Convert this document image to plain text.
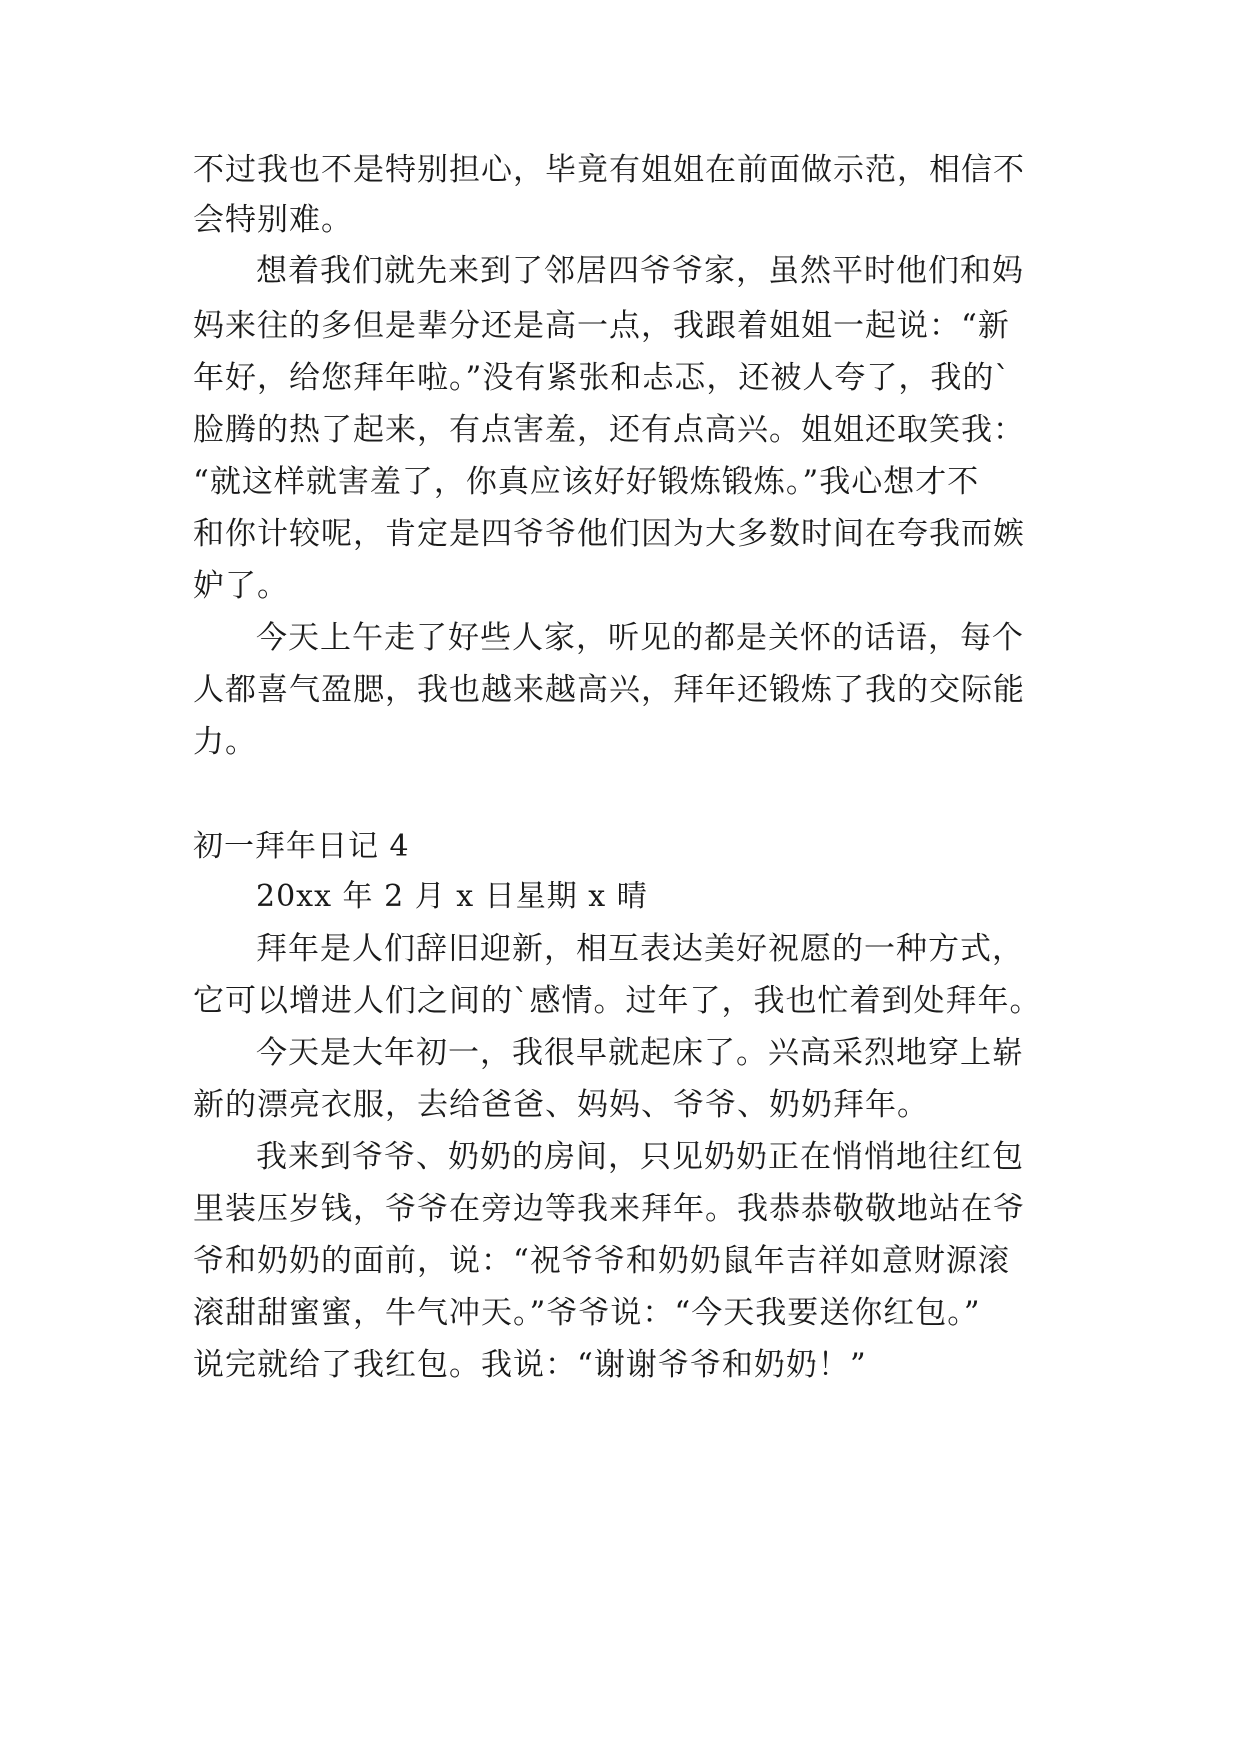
不过我也不是特别担心，毕竟有姐姐在前面做示范，相信不
会特别难。
想着我们就先来到了邻居四爷爷家，虽然平时他们和妈
妈来往的多但是辈分还是高一点，我跟着姐姐一起说：“新
年好，给您拜年啦。”没有紧张和忐忑，还被人夸了，我的`
脸腾的热了起来，有点害羞，还有点高兴。姐姐还取笑我：
“就这样就害羞了，你真应该好好锻炼锻炼。”我心想才不
和你计较呢，肯定是四爷爷他们因为大多数时间在夸我而嫉
妒了。
今天上午走了好些人家，听见的都是关怀的话语，每个
人都喜气盈腮，我也越来越高兴，拜年还锻炼了我的交际能
力。
初一拜年日记 4
20xx 年 2 月 x 日星期 x 晴
拜年是人们辞旧迎新，相互表达美好祝愿的一种方式，
它可以增进人们之间的`感情。过年了，我也忙着到处拜年。
今天是大年初一，我很早就起床了。兴高采烈地穿上崭
新的漂亮衣服，去给爸爸、妈妈、爷爷、奶奶拜年。
我来到爷爷、奶奶的房间，只见奶奶正在悄悄地往红包
里装压岁钱，爷爷在旁边等我来拜年。我恭恭敬敬地站在爷
爷和奶奶的面前，说：“祝爷爷和奶奶鼠年吉祥如意财源滚
滚甜甜蜜蜜，牛气冲天。”爷爷说：“今天我要送你红包。”
说完就给了我红包。我说：“谢谢爷爷和奶奶！”
